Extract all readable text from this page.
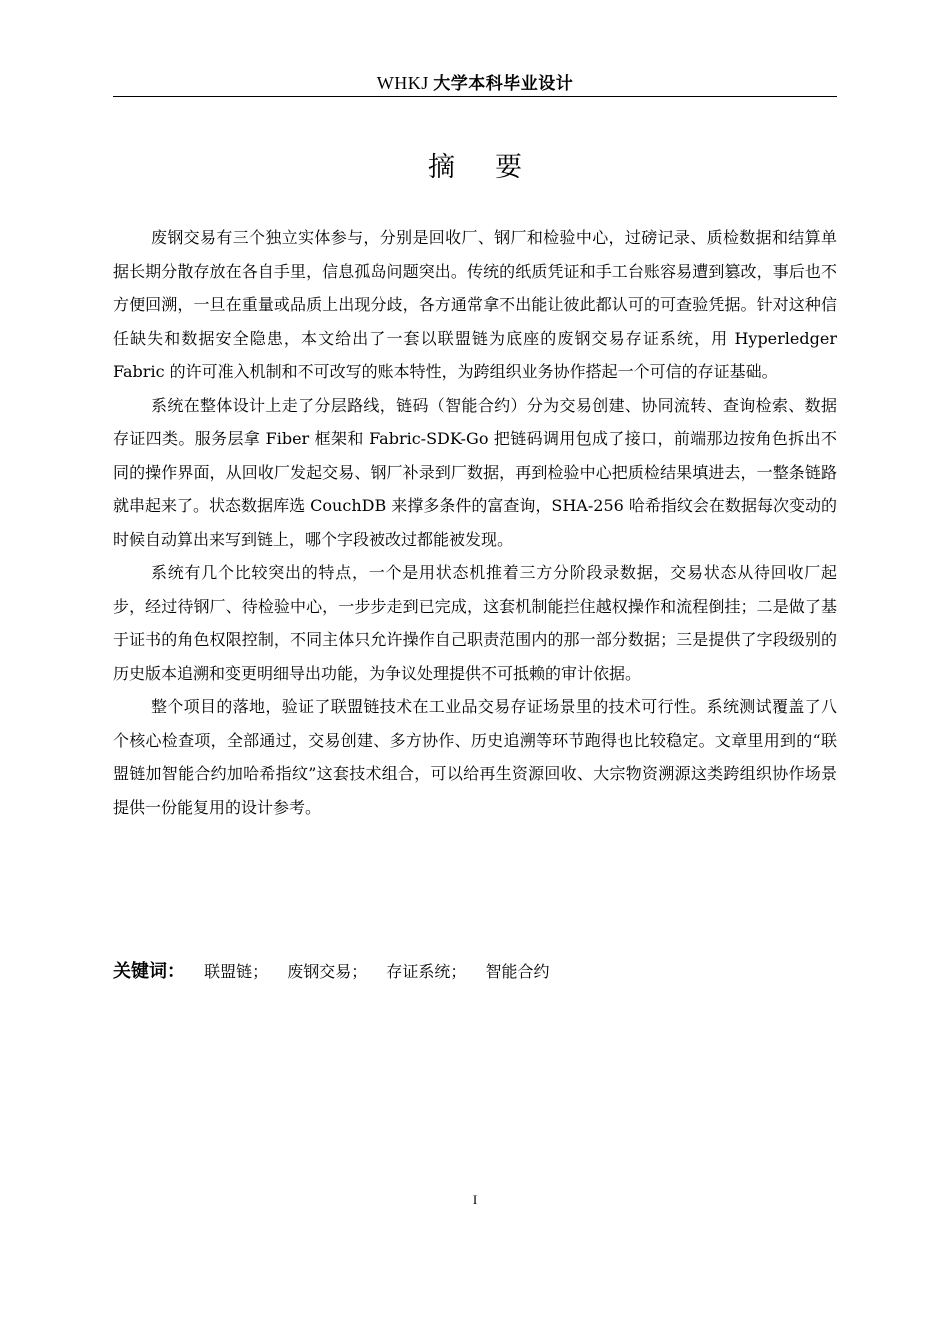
WHKJ 大学本科毕业设计
摘要

废钢交易有三个独立实体参与，分别是回收厂、钢厂和检验中心，过磅记录、质检数据和结算单据长期分散存放在各自手里，信息孤岛问题突出。传统的纸质凭证和手工台账容易遭到篡改，事后也不方便回溯，一旦在重量或品质上出现分歧，各方通常拿不出能让彼此都认可的可查验凭据。针对这种信任缺失和数据安全隐患，本文给出了一套以联盟链为底座的废钢交易存证系统，用 Hyperledger Fabric 的许可准入机制和不可改写的账本特性，为跨组织业务协作搭起一个可信的存证基础。

系统在整体设计上走了分层路线，链码（智能合约）分为交易创建、协同流转、查询检索、数据存证四类。服务层拿 Fiber 框架和 Fabric-SDK-Go 把链码调用包成了接口，前端那边按角色拆出不同的操作界面，从回收厂发起交易、钢厂补录到厂数据，再到检验中心把质检结果填进去，一整条链路就串起来了。状态数据库选 CouchDB 来撑多条件的富查询，SHA-256 哈希指纹会在数据每次变动的时候自动算出来写到链上，哪个字段被改过都能被发现。

系统有几个比较突出的特点，一个是用状态机推着三方分阶段录数据，交易状态从待回收厂起步，经过待钢厂、待检验中心，一步步走到已完成，这套机制能拦住越权操作和流程倒挂；二是做了基于证书的角色权限控制，不同主体只允许操作自己职责范围内的那一部分数据；三是提供了字段级别的历史版本追溯和变更明细导出功能，为争议处理提供不可抵赖的审计依据。

整个项目的落地，验证了联盟链技术在工业品交易存证场景里的技术可行性。系统测试覆盖了八个核心检查项，全部通过，交易创建、多方协作、历史追溯等环节跑得也比较稳定。文章里用到的“联盟链加智能合约加哈希指纹”这套技术组合，可以给再生资源回收、大宗物资溯源这类跨组织协作场景提供一份能复用的设计参考。

关键词： 联盟链； 废钢交易； 存证系统； 智能合约
I
